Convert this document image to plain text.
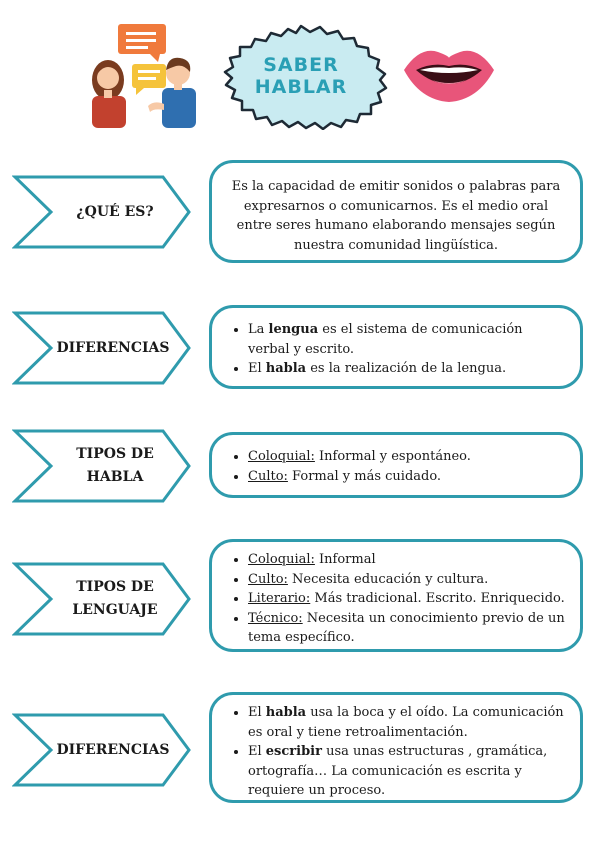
SABER
HABLAR
¿QUÉ ES?

Es la capacidad de emitir sonidos o palabras para expresarnos o comunicarnos. Es el medio oral entre seres humano elaborando mensajes según nuestra comunidad lingüística.

DIFERENCIAS
• La lengua es el sistema de comunicación verbal y escrito.
• El habla es la realización de la lengua.
TIPOS DE
HABLA
• Coloquial: Informal y espontáneo.
• Culto: Formal y más cuidado.
TIPOS DE
LENGUAJE
• Coloquial: Informal
• Culto: Necesita educación y cultura.
• Literario: Más tradicional. Escrito. Enriquecido.
• Técnico: Necesita un conocimiento previo de un tema específico.
DIFERENCIAS
• El habla usa la boca y el oído. La comunicación es oral y tiene retroalimentación.
• El escribir usa unas estructuras , gramática, ortografía… La comunicación es escrita y requiere un proceso.
